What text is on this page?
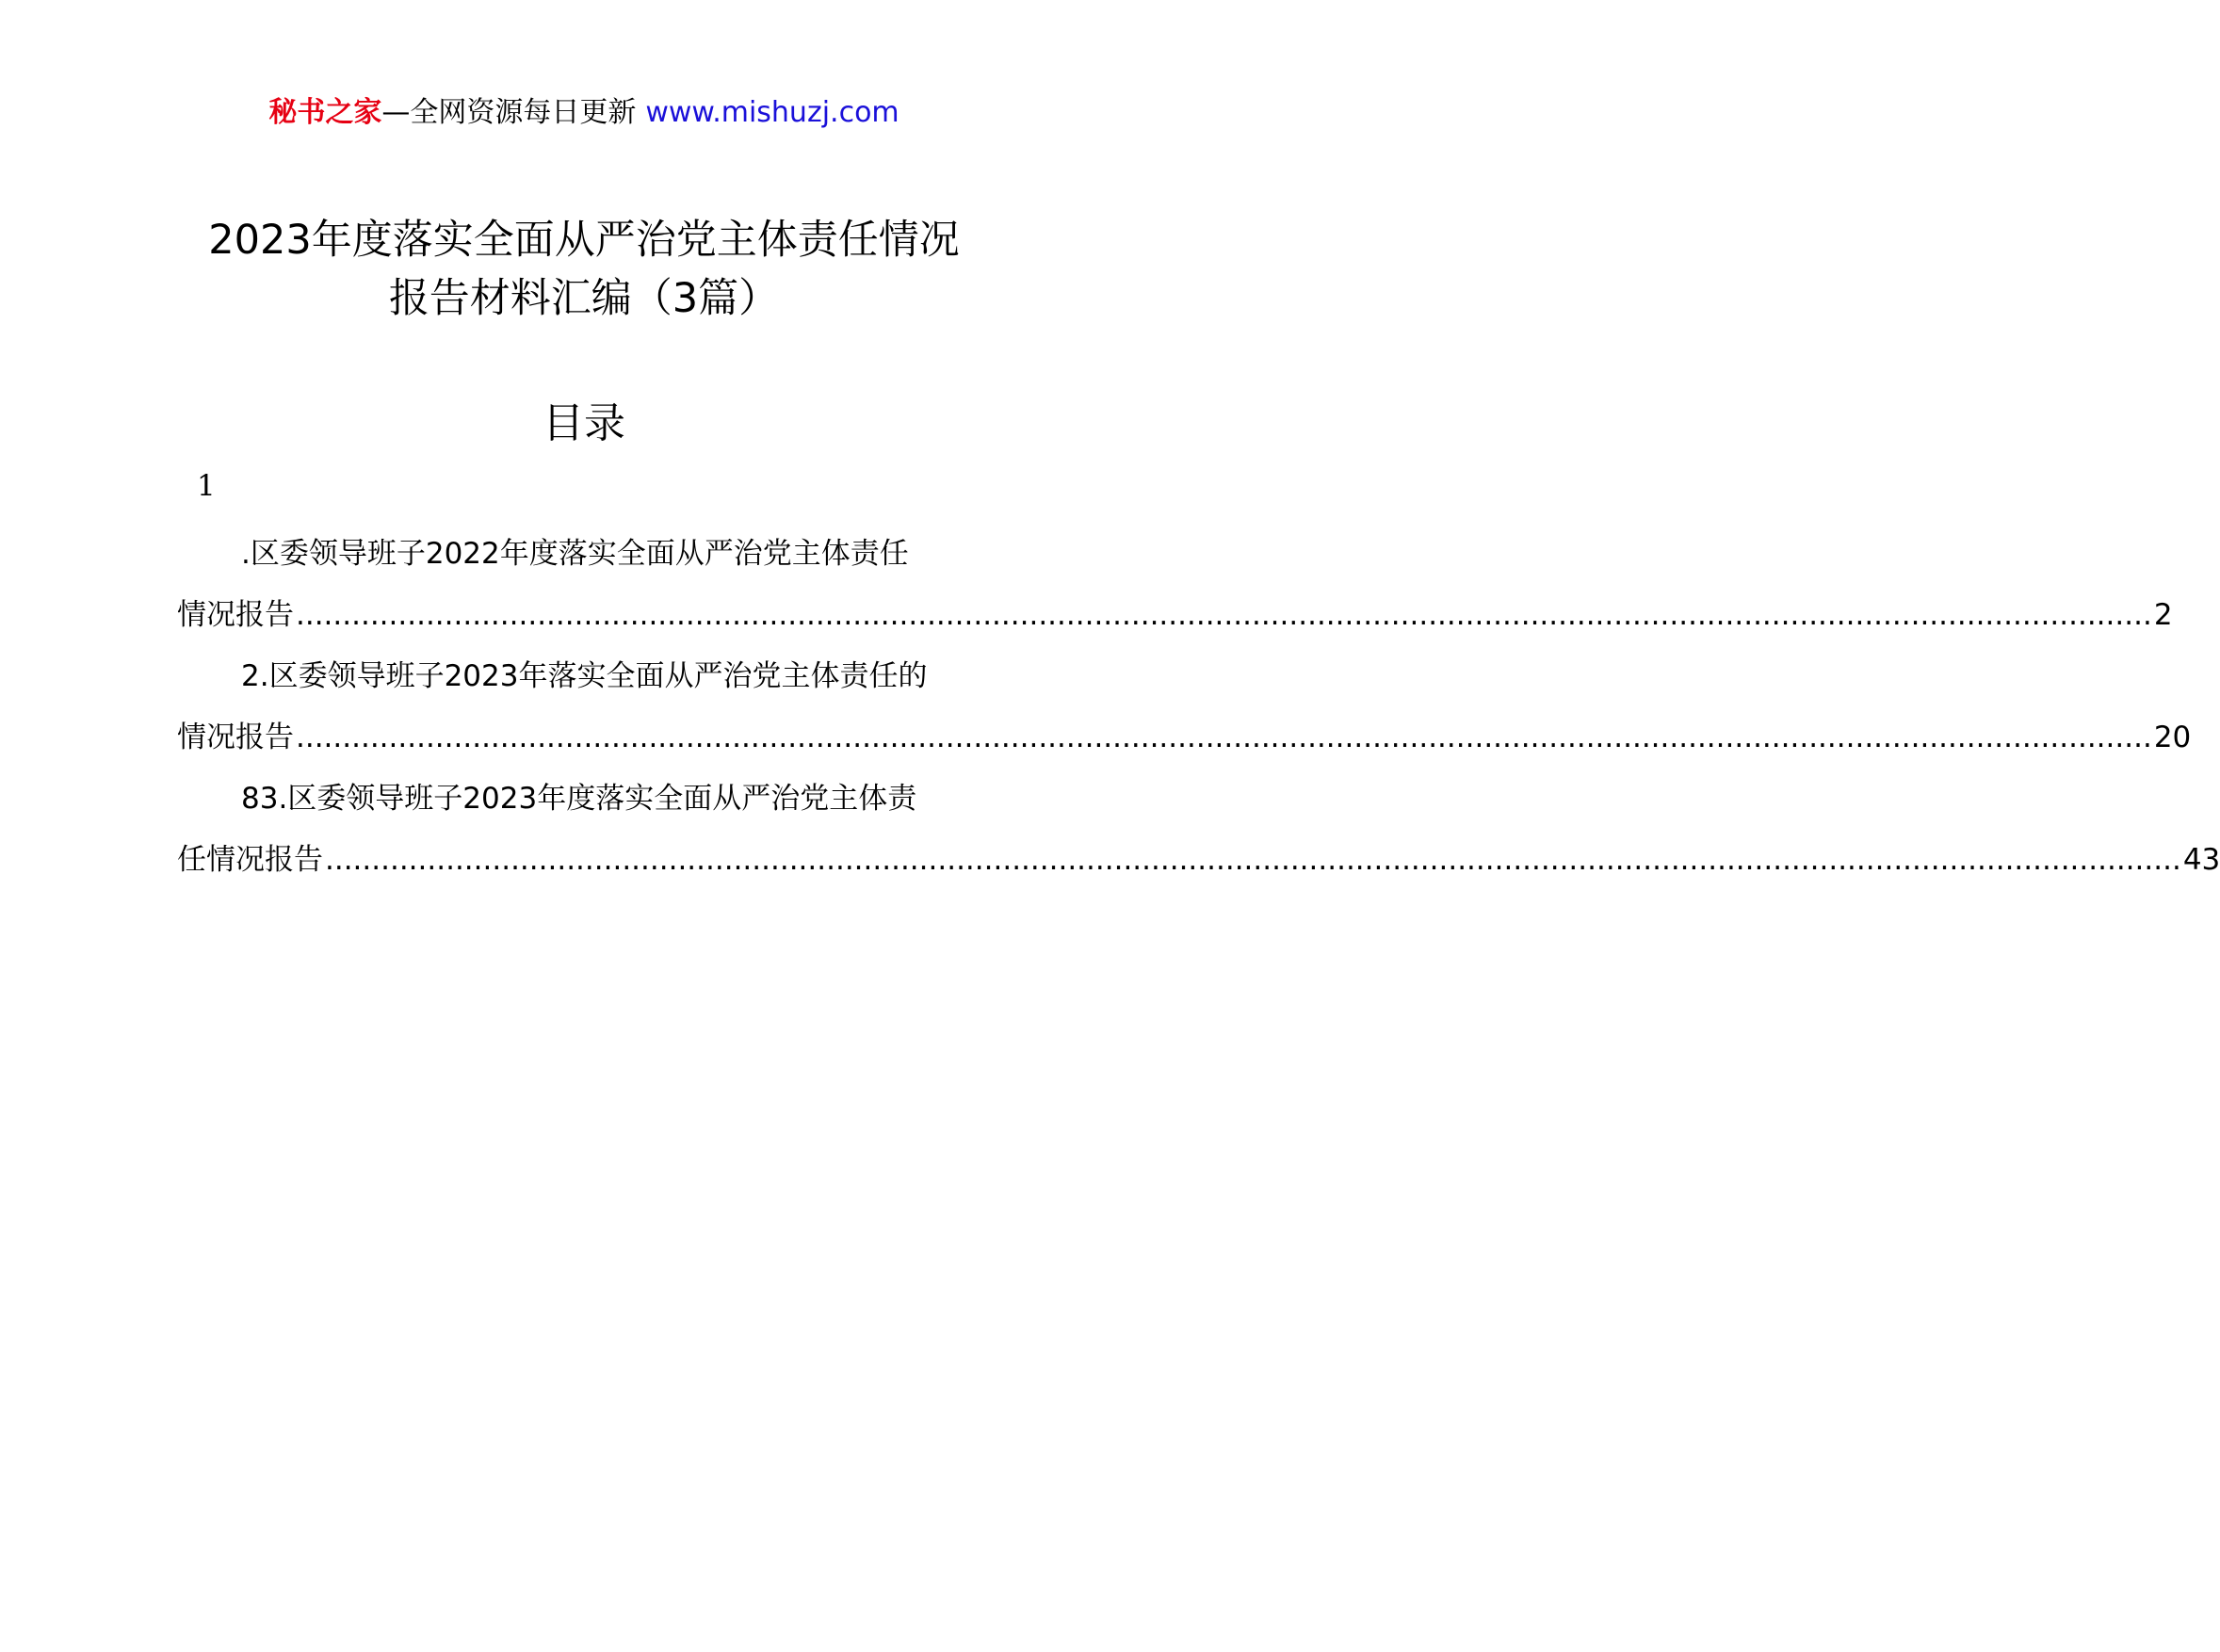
秘书之家—全网资源每日更新 www.mishuzj.com
2023年度落实全面从严治党主体责任情况
报告材料汇编（3篇）
目录
1
.区委领导班子2022年度落实全面从严治党主体责任
情况报告 ........................................................................................................................................................................................................ 2
2.区委领导班子2023年落实全面从严治党主体责任的
情况报告 ........................................................................................................................................................................................................ 20
83.区委领导班子2023年度落实全面从严治党主体责
任情况报告 ........................................................................................................................................................................................................ 43
